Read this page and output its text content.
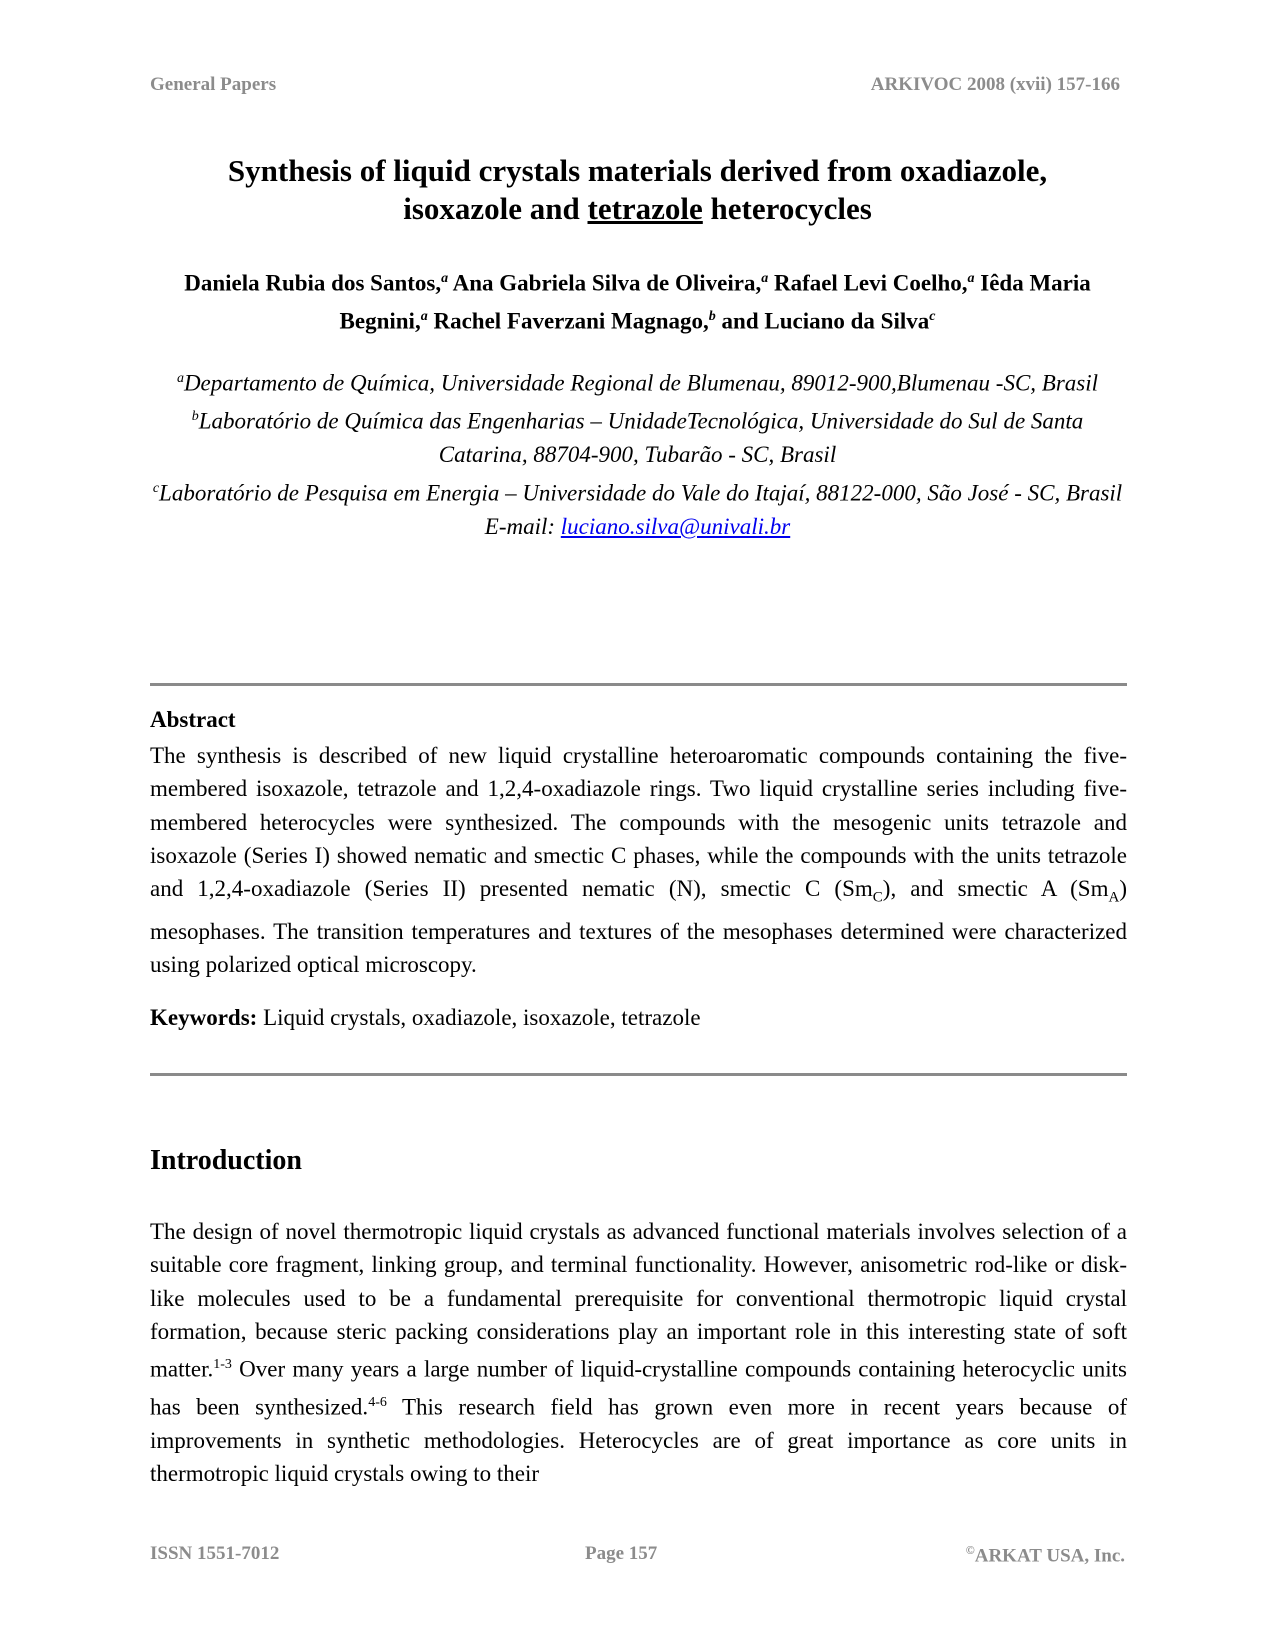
General Papers	ARKIVOC 2008 (xvii) 157-166
Synthesis of liquid crystals materials derived from oxadiazole,
isoxazole and tetrazole heterocycles
Daniela Rubia dos Santos,$^a$ Ana Gabriela Silva de Oliveira,$^a$ Rafael Levi Coelho,$^a$ Iêda Maria Begnini,$^a$ Rachel Faverzani Magnago,$^b$ and Luciano da Silva$^c$
$^a$Departamento de Química, Universidade Regional de Blumenau, 89012-900,Blumenau -SC, Brasil
$^b$Laboratório de Química das Engenharias – UnidadeTecnológica, Universidade do Sul de Santa Catarina, 88704-900, Tubarão - SC, Brasil
$^c$Laboratório de Pesquisa em Energia – Universidade do Vale do Itajaí, 88122-000, São José - SC, Brasil
E-mail: luciano.silva@univali.br
Abstract
The synthesis is described of new liquid crystalline heteroaromatic compounds containing the five- membered isoxazole, tetrazole and 1,2,4-oxadiazole rings. Two liquid crystalline series including five- membered heterocycles were synthesized. The compounds with the mesogenic units tetrazole and isoxazole (Series I) showed nematic and smectic C phases, while the compounds with the units tetrazole and 1,2,4-oxadiazole (Series II) presented nematic (N), smectic C $(Sm_C)$, and smectic A $(Sm_A)$ mesophases. The transition temperatures and textures of the mesophases determined were characterized using polarized optical microscopy.
Keywords: Liquid crystals, oxadiazole, isoxazole, tetrazole
Introduction
The design of novel thermotropic liquid crystals as advanced functional materials involves selection of a suitable core fragment, linking group, and terminal functionality. However, anisometric rod-like or disk-like molecules used to be a fundamental prerequisite for conventional thermotropic liquid crystal formation, because steric packing considerations play an important role in this interesting state of soft matter.$^{1-3}$ Over many years a large number of liquid-crystalline compounds containing heterocyclic units has been synthesized.$^{4-6}$ This research field has grown even more in recent years because of improvements in synthetic methodologies. Heterocycles are of great importance as core units in thermotropic liquid crystals owing to their
ISSN 1551-7012	Page 157	©ARKAT USA, Inc.
